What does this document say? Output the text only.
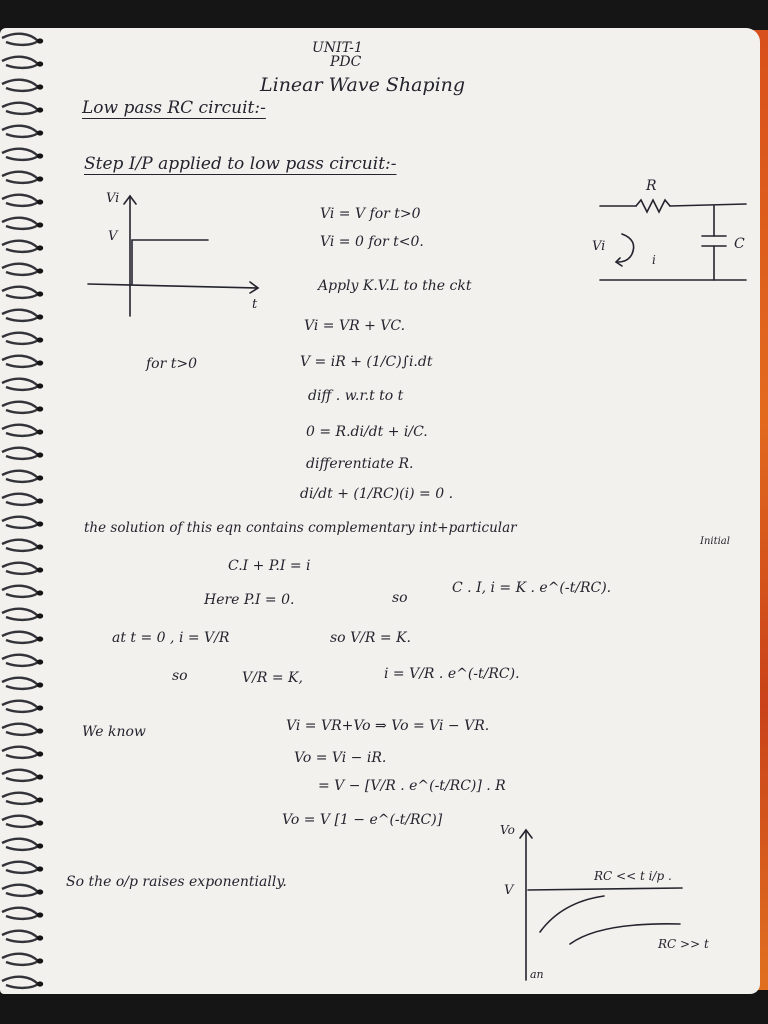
UNIT-1
PDC
Linear Wave Shaping
Low pass RC circuit:-
Step I/P applied to low pass circuit:-
Vi
V
t
Vi = V for t>0
Vi = 0 for t<0.
R
C
Vi
i
Apply K.V.L to the ckt
Vi = VR + VC.
for t>0	V = iR + (1/C)∫i.dt
diff . w.r.t to t
0 = R.di/dt + i/C.
differentiate R.
di/dt + (1/RC)(i) = 0 .
the solution of this eqn contains complementary int+particular
Initial
C.I + P.I = i
Here P.I = 0.	so
C . I, i = K . e^(-t/RC).
at t = 0 , i = V/R	so V/R = K.
so	V/R = K,	i = V/R . e^(-t/RC).
We know	Vi = VR+Vo ⇒ Vo = Vi − VR.
Vo = Vi − iR.
= V − [V/R . e^(-t/RC)] . R
Vo = V [1 − e^(-t/RC)]
So the o/p raises exponentially.
Vo
V
RC << t i/p .
RC >> t
an
